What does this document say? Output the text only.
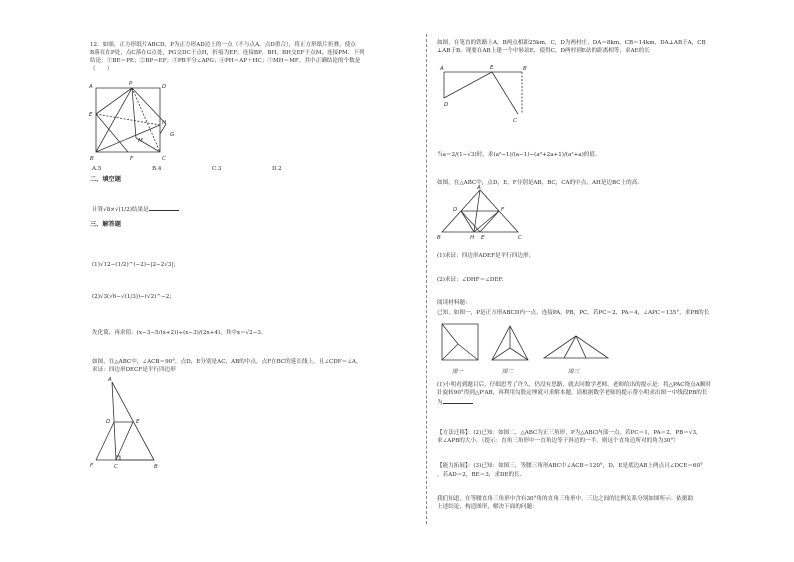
12．如图，正方形纸片ABCD，P为正方形AD边上的一点（不与点A，点D重合），将正方形纸片折叠，使点
B落在在P处，点C落在G点处，PG交DC于点H，折痕为EF，连接BP，BH，BH交EF于点M，连接PM．下列
结论：①BE＝PE；②BP＝EF；③PB平分∠APG；④PH＝AP＋HC；⑤MH＝MF，其中正确结论的个数是
（　　）
A	P	D
E
H
G
M
B	F	C
A.5	B.4	C.3	D.2
二、填空题
计算√8×√(1/2)结果是
三、解答题
(1)√12−(1/2)^(−2)−|2−2√3|；
(2)√3(√6−√(1/3))−(√2)^−2；
先化简，再求值：(x−3−5/(x+2))÷(x−3)/(2x+4)，其中x＝√2−3.
如图，在△ABC中，∠ACB＝90°，点D，E分别是AC，AB的中点，点F在BC的延长线上，且∠CDF＝∠A。
求证：四边形DECF是平行四边形
A
D	E
F	C	B
如图，在笔直的铁路上A，B两点相距25km，C，D为两村庄，DA＝8km，CB＝14km，DA⊥AB于A，CB
⊥AB于B，现要在AB上建一个中转站E，使得C，D两村到E站的距离相等，求AE的长
A	E	B
D
C
当a＝2/(1−√3)时，求(a²−1)/(a−1)−(a²+2a+1)/(a²+a)的值.
如图，在△ABC中，点D，E，F分别是AB，BC，CA的中点，AH是边BC上的高.
A
D	F
B	E
H	C
(1)求证：四边形ADEF是平行四边形；
(2)求证：∠DHF＝∠DEF.
阅读材料题：
已知，如图一，P是正方形ABCD内一点，连接PA，PB，PC，若PC＝2，PA＝4，∠APC＝135°，求PB的长
图一	图二	图三
(1)小明看到题目后，仔细思考了许久，仍没有思路，就去问数学老师，老师给出的提示是：将△PAC绕点A顺时
针旋转90°得到△P'AB，再利用勾股定理就可求解本题，请根据数学老师的提示帮小明求出图一中线段PB的长
为
【方法迁移】：(2)已知：如图二，△ABC为正三角形，P为△ABC内部一点，若PC＝1，PA＝2，PB＝√3，
求∠APB的大小．（提示：直角三角形中一直角边等于斜边的一半，则这个直角边所对的角为30°）
【能力拓展】：(3)已知：如图三，等腰三角形ABC中∠ACB＝120°，D，E是底边AB上两点且∠DCE＝60°
，若AD＝2，BE＝3，求DE的长.
我们知道，在等腰直角三角形中含有30°角的直角三角形中，三边之间的比例关系分别如图所示：依据助
上述结论，构造图形，解决下面的问题：
